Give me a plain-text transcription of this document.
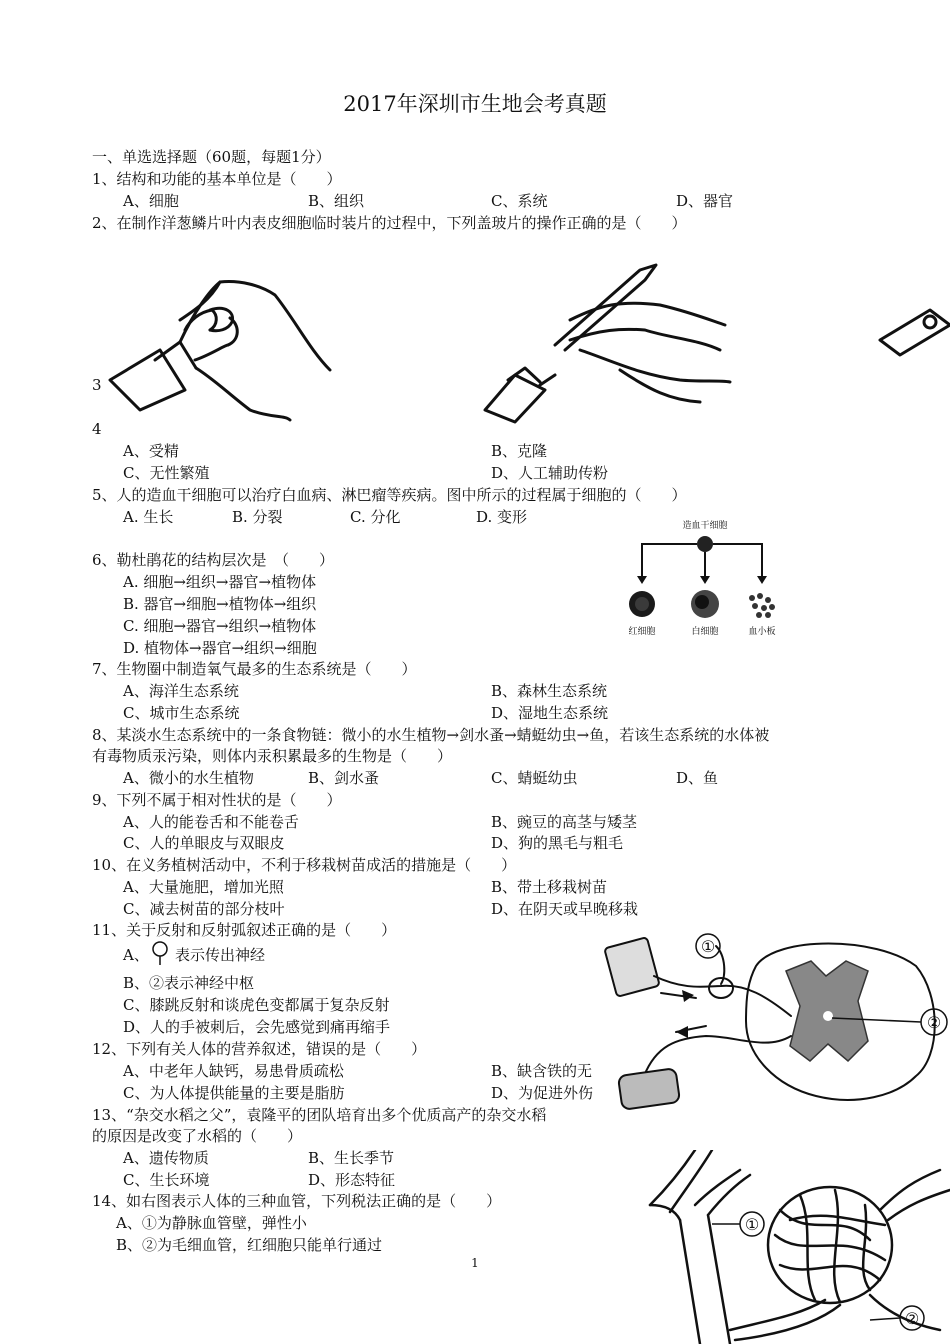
2017年深圳市生地会考真题
一、单选选择题（60题，每题1分）
1、结构和功能的基本单位是（　　）
A、细胞	B、组织	C、系统	D、器官
2、在制作洋葱鳞片叶内表皮细胞临时装片的过程中，下列盖玻片的操作正确的是（　　）
3
4
A、受精	B、克隆
C、无性繁殖	D、人工辅助传粉
5、人的造血干细胞可以治疗白血病、淋巴瘤等疾病。图中所示的过程属于细胞的（　　）
A. 生长	B. 分裂	C. 分化	D. 变形	造血干细胞
红细胞	白细胞	血小板
6、勒杜鹃花的结构层次是　（　　）
A. 细胞→组织→器官→植物体
B. 器官→细胞→植物体→组织
C. 细胞→器官→组织→植物体
D. 植物体→器官→组织→细胞
7、生物圈中制造氧气最多的生态系统是（　　）
A、海洋生态系统	B、森林生态系统
C、城市生态系统	D、湿地生态系统
8、某淡水生态系统中的一条食物链：微小的水生植物→剑水蚤→蜻蜓幼虫→鱼，若该生态系统的水体被
有毒物质汞污染，则体内汞积累最多的生物是（　　）
A、微小的水生植物	B、剑水蚤	C、蜻蜓幼虫	D、鱼
9、下列不属于相对性状的是（　　）
A、人的能卷舌和不能卷舌	B、豌豆的高茎与矮茎
C、人的单眼皮与双眼皮	D、狗的黑毛与粗毛
10、在义务植树活动中，不利于移栽树苗成活的措施是（　　）
A、大量施肥，增加光照	B、带土移栽树苗
C、减去树苗的部分枝叶	D、在阴天或早晚移栽
11、关于反射和反射弧叙述正确的是（　　）
A、 表示传出神经
B、②表示神经中枢
C、膝跳反射和谈虎色变都属于复杂反射
D、人的手被刺后，会先感觉到痛再缩手
12、下列有关人体的营养叙述，错误的是（　　）
A、中老年人缺钙，易患骨质疏松	B、缺含铁的无
C、为人体提供能量的主要是脂肪	D、为促进外伤
13、“杂交水稻之父”，袁隆平的团队培育出多个优质高产的杂交水稻
的原因是改变了水稻的（　　）
A、遗传物质	B、生长季节
C、生长环境	D、形态特征
14、如右图表示人体的三种血管，下列税法正确的是（　　）
A、①为静脉血管壁，弹性小
B、②为毛细血管，红细胞只能单行通过
①
②
①
②
1
